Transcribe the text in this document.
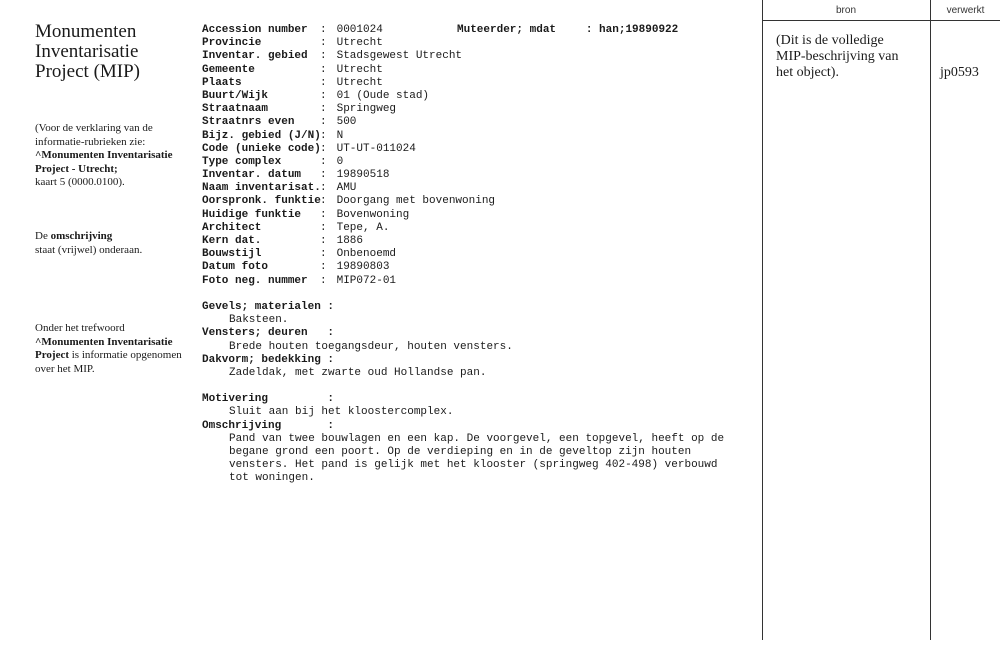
Monumenten Inventarisatie Project (MIP)
(Voor de verklaring van de informatie-rubrieken zie:
^Monumenten Inventarisatie Project - Utrecht;
kaart 5 (0000.0100).
De omschrijving
staat (vrijwel) onderaan.
Onder het trefwoord
^Monumenten Inventarisatie Project is informatie opgenomen over het MIP.
Accession number : 0001024
Provincie	: Utrecht
Inventar. gebied : Stadsgewest Utrecht
Gemeente	: Utrecht
Plaats	: Utrecht
Buurt/Wijk	: 01 (Oude stad)
Straatnaam	: Springweg
Straatnrs even : 500
Bijz. gebied (J/N): N
Code (unieke code): UT-UT-011024
Type complex	: 0
Inventar. datum : 19890518
Naam inventarisat.: AMU
Oorspronk. funktie: Doorgang met bovenwoning
Huidige funktie : Bovenwoning
Architect	: Tepe, A.
Kern dat.	: 1886
Bouwstijl	: Onbenoemd
Datum foto	: 19890803
Foto neg. nummer : MIP072-01
Muteerder; mdat	: han;19890922
Gevels; materialen :
Baksteen.
Vensters; deuren   :
Brede houten toegangsdeur, houten vensters.
Dakvorm; bedekking :
Zadeldak, met zwarte oud Hollandse pan.
Motivering         :
Sluit aan bij het kloostercomplex.
Omschrijving       :
Pand van twee bouwlagen en een kap. De voorgevel, een topgevel, heeft op de
begane grond een poort. Op de verdieping en in de geveltop zijn houten
vensters. Het pand is gelijk met het klooster (springweg 402-498) verbouwd
tot woningen.
bron	verwerkt
(Dit is de volledige MIP-beschrijving van het object).	jp0593
